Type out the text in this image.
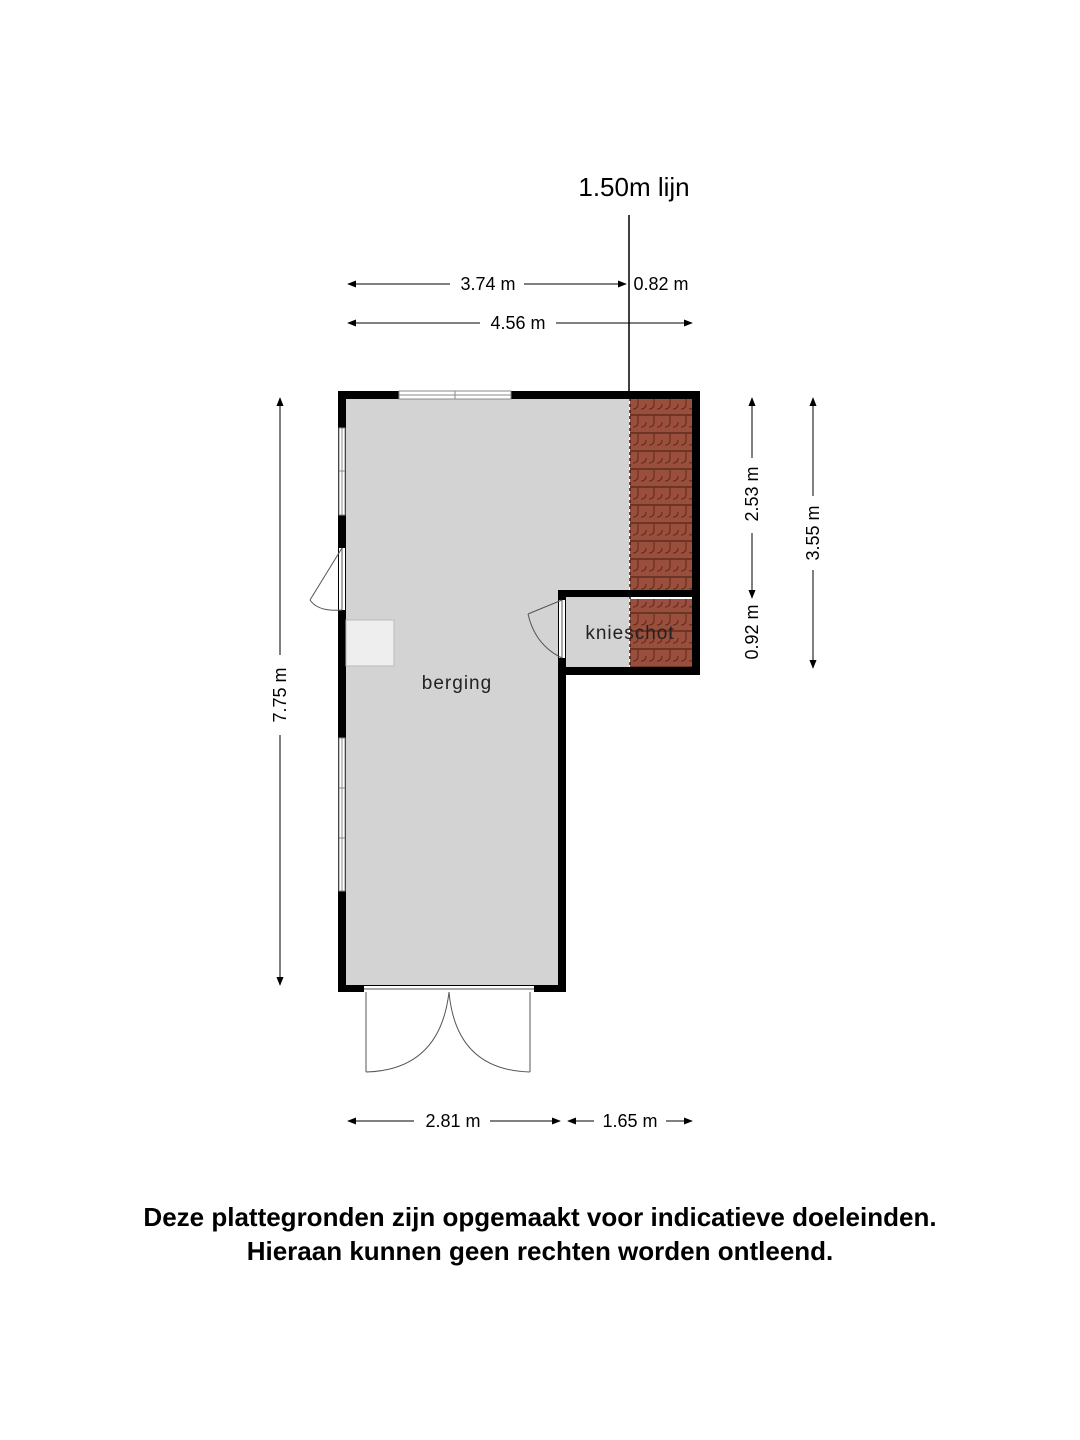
1.50m lijn
berging
knieschot
3.74 m	0.82 m
4.56 m
7.75 m
2.53 m
0.92 m
3.55 m
2.81 m	1.65 m
Deze plattegronden zijn opgemaakt voor indicatieve doeleinden.
Hieraan kunnen geen rechten worden ontleend.
